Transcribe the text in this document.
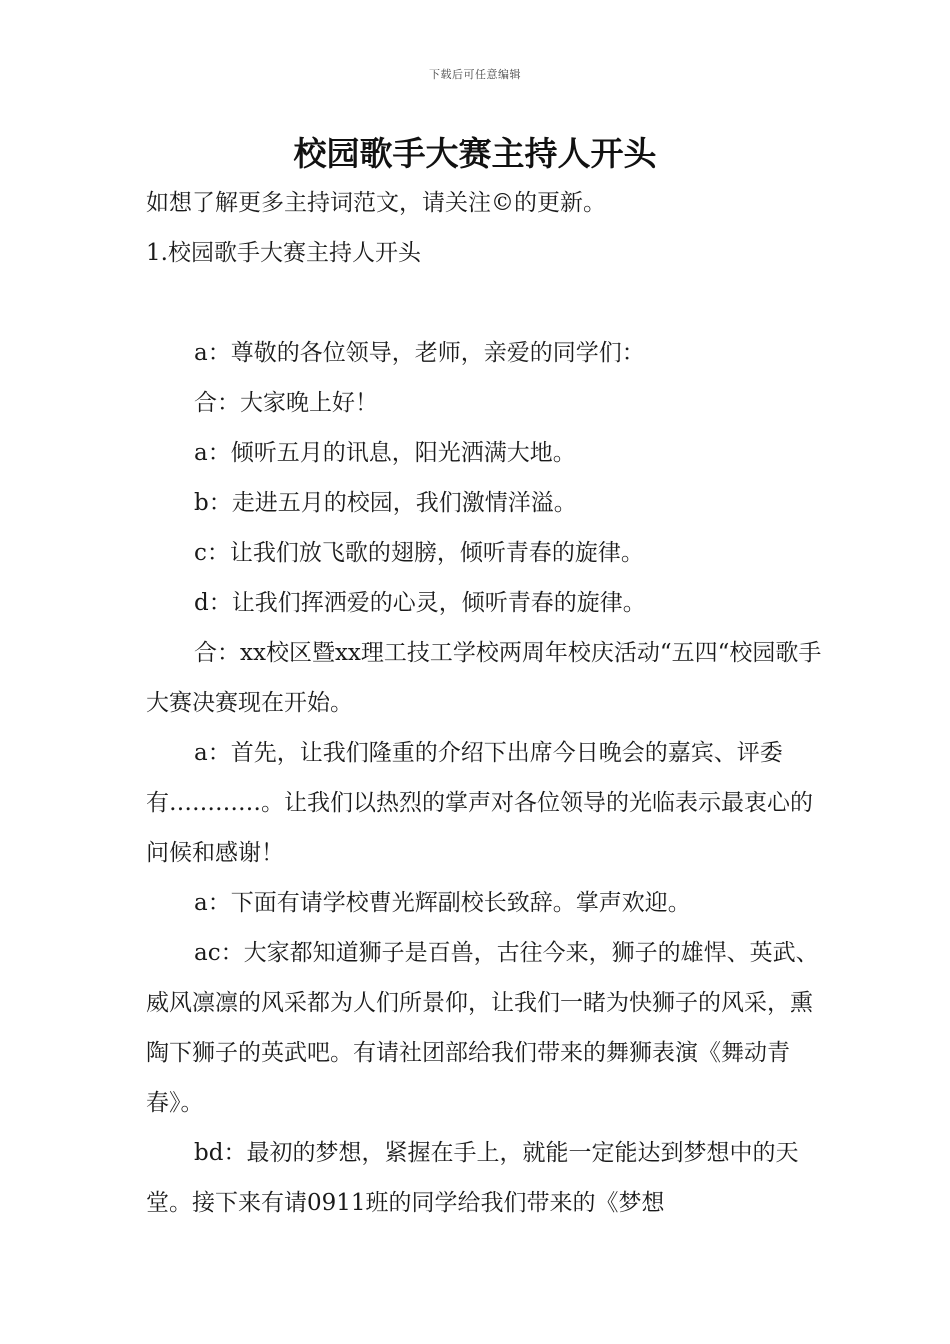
下载后可任意编辑
校园歌手大赛主持人开头

如想了解更多主持词范文，请关注©的更新。

1.校园歌手大赛主持人开头

a：尊敬的各位领导，老师，亲爱的同学们：

合：大家晚上好！

a：倾听五月的讯息，阳光洒满大地。

b：走进五月的校园，我们激情洋溢。

c：让我们放飞歌的翅膀，倾听青春的旋律。

d：让我们挥洒爱的心灵，倾听青春的旋律。

合：xx校区暨xx理工技工学校两周年校庆活动“五四“校园歌手大赛决赛现在开始。

a：首先，让我们隆重的介绍下出席今日晚会的嘉宾、评委有…………。让我们以热烈的掌声对各位领导的光临表示最衷心的问候和感谢！

a：下面有请学校曹光辉副校长致辞。掌声欢迎。

ac：大家都知道狮子是百兽，古往今来，狮子的雄悍、英武、威风凛凛的风采都为人们所景仰，让我们一睹为快狮子的风采，熏陶下狮子的英武吧。有请社团部给我们带来的舞狮表演《舞动青春》。

bd：最初的梦想，紧握在手上，就能一定能达到梦想中的天堂。接下来有请0911班的同学给我们带来的《梦想
